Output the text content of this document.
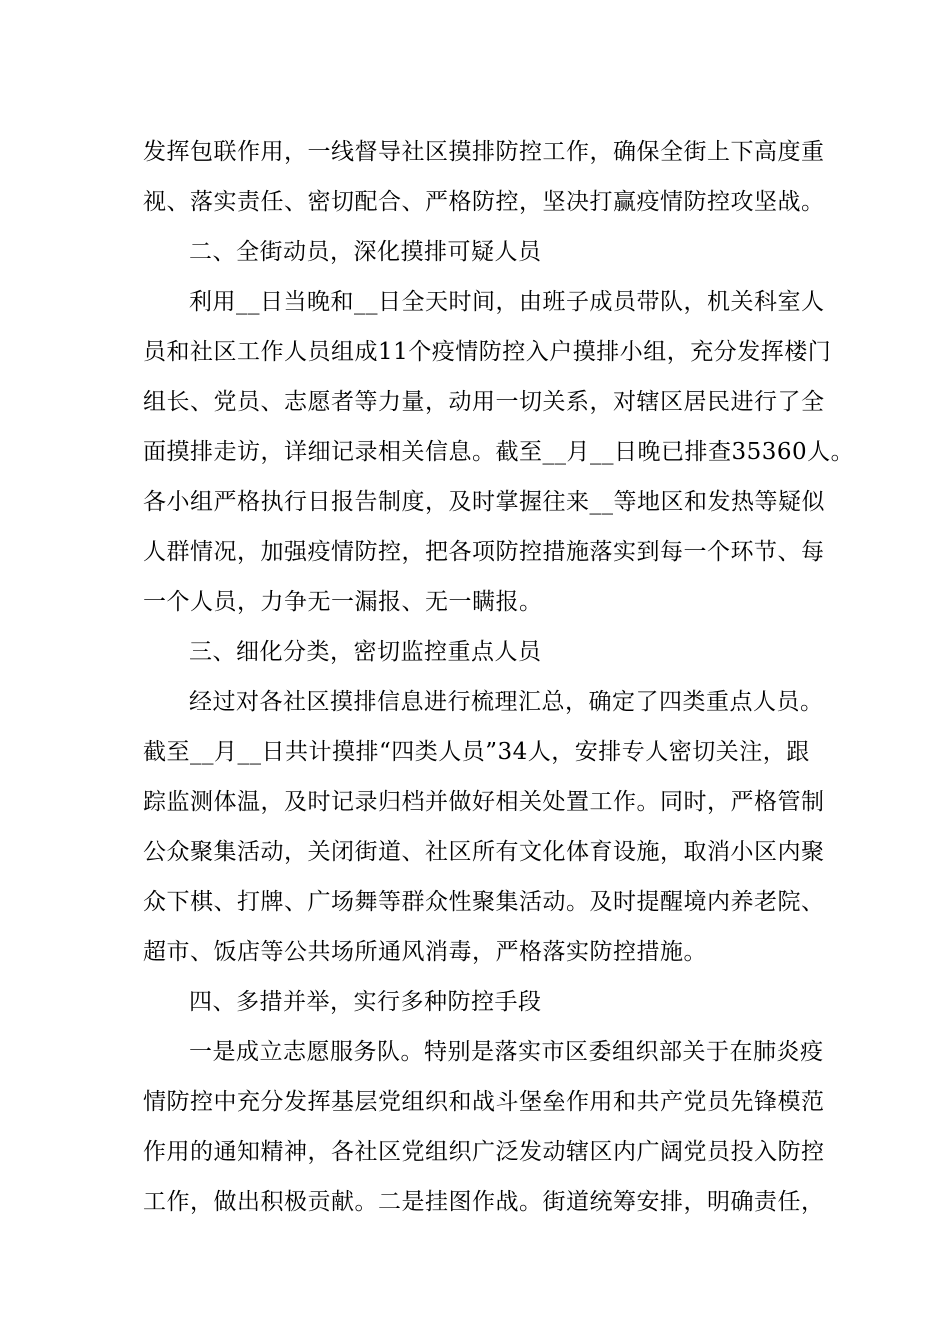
发挥包联作用，一线督导社区摸排防控工作，确保全街上下高度重
视、落实责任、密切配合、严格防控，坚决打赢疫情防控攻坚战。
二、全街动员，深化摸排可疑人员
利用__日当晚和__日全天时间，由班子成员带队，机关科室人
员和社区工作人员组成11个疫情防控入户摸排小组，充分发挥楼门
组长、党员、志愿者等力量，动用一切关系，对辖区居民进行了全
面摸排走访，详细记录相关信息。截至__月__日晚已排查35360人。
各小组严格执行日报告制度，及时掌握往来__等地区和发热等疑似
人群情况，加强疫情防控，把各项防控措施落实到每一个环节、每
一个人员，力争无一漏报、无一瞒报。
三、细化分类，密切监控重点人员
经过对各社区摸排信息进行梳理汇总，确定了四类重点人员。
截至__月__日共计摸排“四类人员”34人，安排专人密切关注，跟
踪监测体温，及时记录归档并做好相关处置工作。同时，严格管制
公众聚集活动，关闭街道、社区所有文化体育设施，取消小区内聚
众下棋、打牌、广场舞等群众性聚集活动。及时提醒境内养老院、
超市、饭店等公共场所通风消毒，严格落实防控措施。
四、多措并举，实行多种防控手段
一是成立志愿服务队。特别是落实市区委组织部关于在肺炎疫
情防控中充分发挥基层党组织和战斗堡垒作用和共产党员先锋模范
作用的通知精神，各社区党组织广泛发动辖区内广阔党员投入防控
工作，做出积极贡献。二是挂图作战。街道统筹安排，明确责任，
